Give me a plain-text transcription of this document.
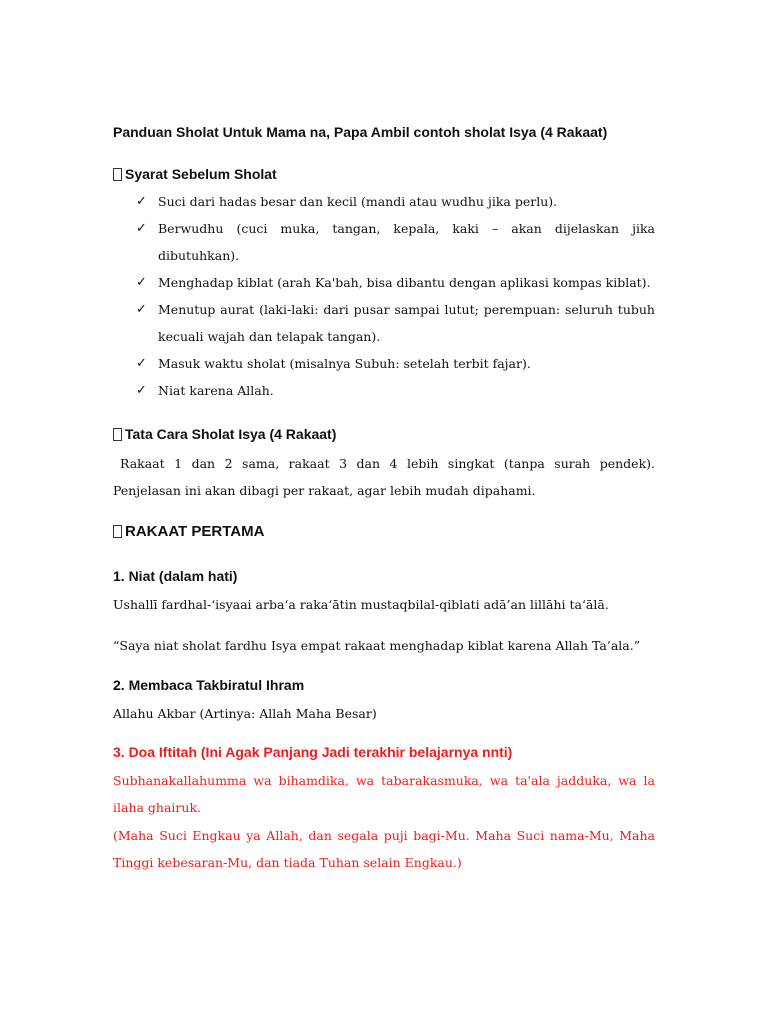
Panduan Sholat Untuk Mama na, Papa Ambil contoh sholat Isya (4 Rakaat)
Syarat Sebelum Sholat
✓ Suci dari hadas besar dan kecil (mandi atau wudhu jika perlu).
✓ Berwudhu (cuci muka, tangan, kepala, kaki – akan dijelaskan jika dibutuhkan).
✓ Menghadap kiblat (arah Ka'bah, bisa dibantu dengan aplikasi kompas kiblat).
✓ Menutup aurat (laki-laki: dari pusar sampai lutut; perempuan: seluruh tubuh kecuali wajah dan telapak tangan).
✓ Masuk waktu sholat (misalnya Subuh: setelah terbit fajar).
✓ Niat karena Allah.
Tata Cara Sholat Isya (4 Rakaat)
Rakaat 1 dan 2 sama, rakaat 3 dan 4 lebih singkat (tanpa surah pendek). Penjelasan ini akan dibagi per rakaat, agar lebih mudah dipahami.
RAKAAT PERTAMA
1. Niat (dalam hati)
Ushallī fardhal-‘isyaai arba‘a raka‘ātin mustaqbilal-qiblati adā’an lillāhi ta‘ālā.
“Saya niat sholat fardhu Isya empat rakaat menghadap kiblat karena Allah Ta’ala.”
2. Membaca Takbiratul Ihram
Allahu Akbar (Artinya: Allah Maha Besar)
3. Doa Iftitah (Ini Agak Panjang Jadi terakhir belajarnya nnti)
Subhanakallahumma wa bihamdika, wa tabarakasmuka, wa ta'ala jadduka, wa la ilaha ghairuk.
(Maha Suci Engkau ya Allah, dan segala puji bagi-Mu. Maha Suci nama-Mu, Maha Tinggi kebesaran-Mu, dan tiada Tuhan selain Engkau.)
